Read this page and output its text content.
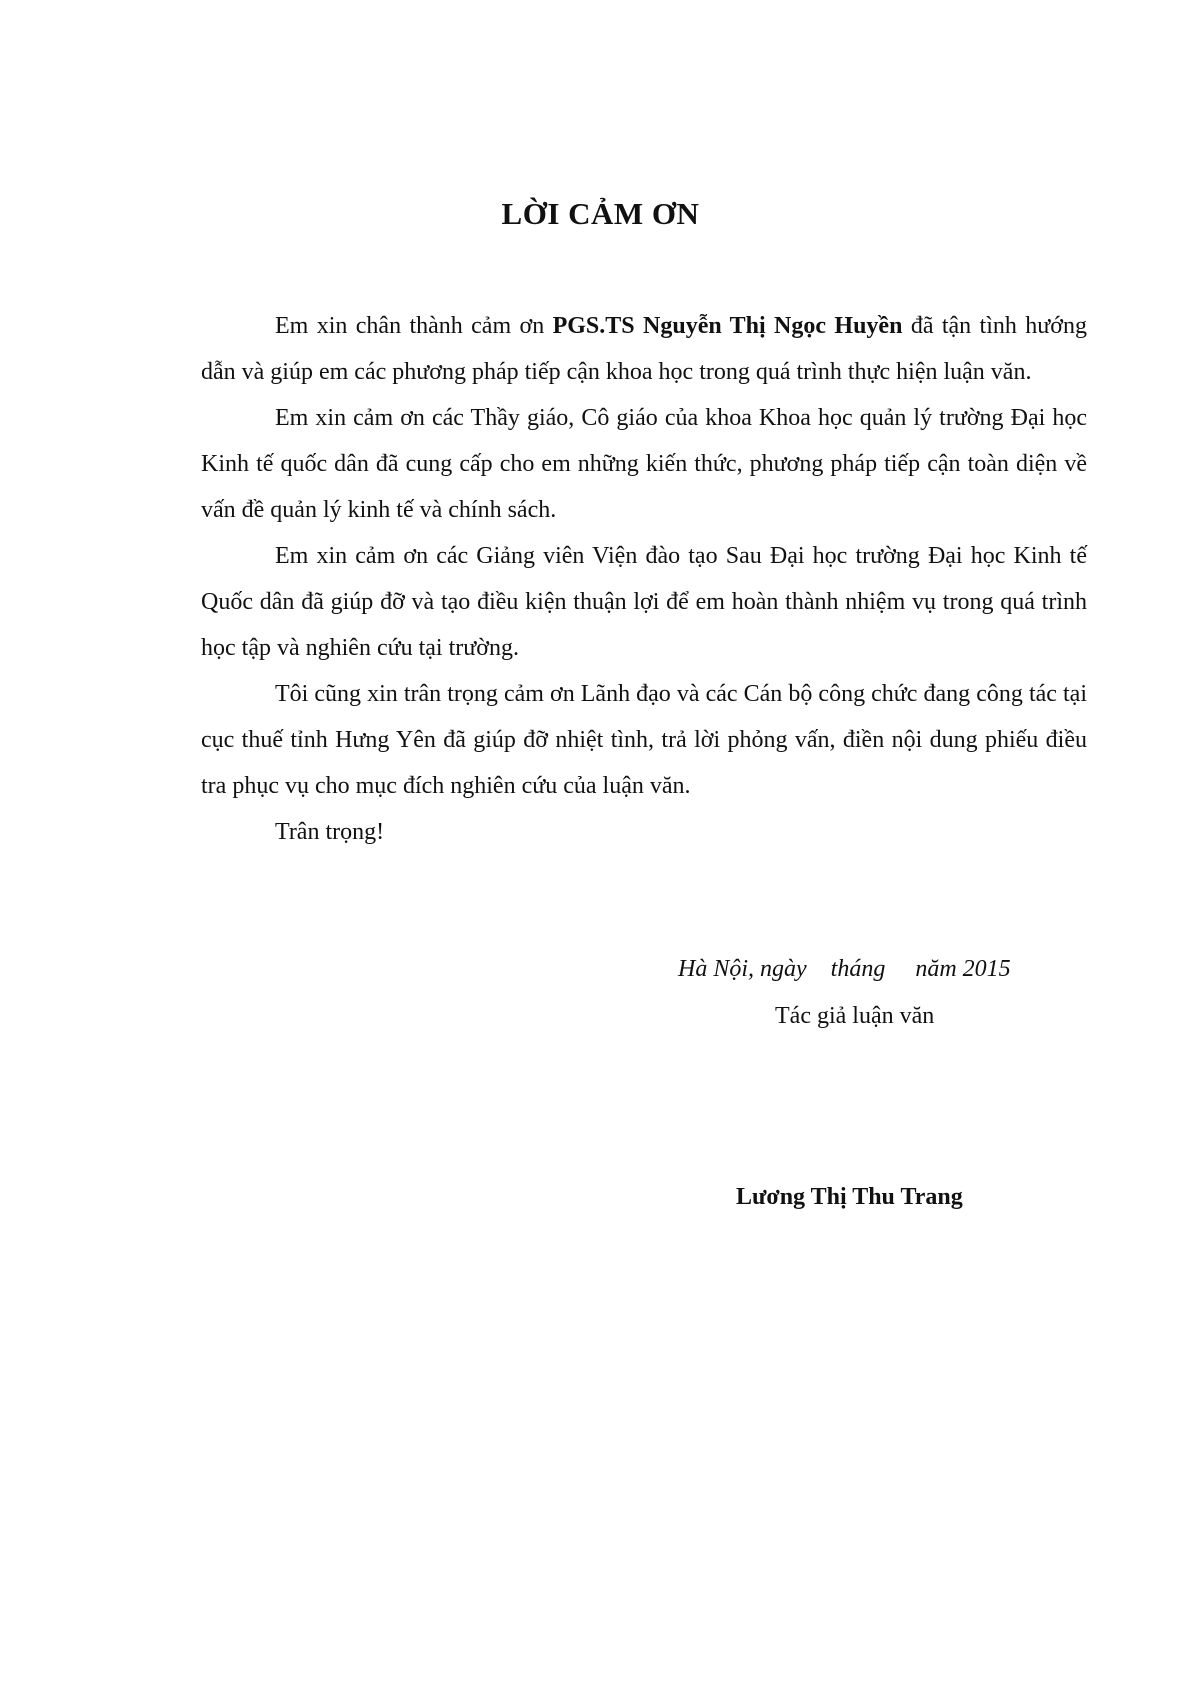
LỜI CẢM ƠN

Em xin chân thành cảm ơn PGS.TS Nguyễn Thị Ngọc Huyền đã tận tình hướng dẫn và giúp em các phương pháp tiếp cận khoa học trong quá trình thực hiện luận văn.

Em xin cảm ơn các Thầy giáo, Cô giáo của khoa Khoa học quản lý trường Đại học Kinh tế quốc dân đã cung cấp cho em những kiến thức, phương pháp tiếp cận toàn diện về vấn đề quản lý kinh tế và chính sách.

Em xin cảm ơn các Giảng viên Viện đào tạo Sau Đại học trường Đại học Kinh tế Quốc dân đã giúp đỡ và tạo điều kiện thuận lợi để em hoàn thành nhiệm vụ trong quá trình học tập và nghiên cứu tại trường.

Tôi cũng xin trân trọng cảm ơn Lãnh đạo và các Cán bộ công chức đang công tác tại cục thuế tỉnh Hưng Yên đã giúp đỡ nhiệt tình, trả lời phỏng vấn, điền nội dung phiếu điều tra phục vụ cho mục đích nghiên cứu của luận văn.

Trân trọng!

Hà Nội, ngày    tháng     năm 2015
Tác giả luận văn
Lương Thị Thu Trang
